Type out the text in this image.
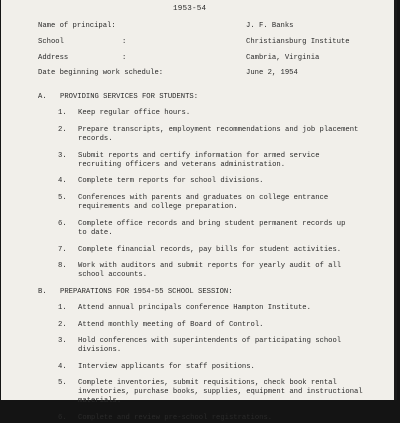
1953-54
Name of principal:	J. F. Banks
School	:	Christiansburg Institute
Address	:	Cambria, Virginia
Date beginning work schedule:	June 2, 1954
A. PROVIDING SERVICES FOR STUDENTS:
1.	Keep regular office hours.
2.	Prepare transcripts, employment recommendations and job placement
records.
3.	Submit reports and certify information for armed service
recruiting officers and veterans administration.
4.	Complete term reports for school divisions.
5.	Conferences with parents and graduates on college entrance
requirements and college preparation.
6.	Complete office records and bring student permanent records up
to date.
7.	Complete financial records, pay bills for student activities.
8.	Work with auditors and submit reports for yearly audit of all
school accounts.
B. PREPARATIONS FOR 1954-55 SCHOOL SESSION:
1.	Attend annual principals conference Hampton Institute.
2.	Attend monthly meeting of Board of Control.
3.	Hold conferences with superintendents of participating school
divisions.
4.	Interview applicants for staff positions.
5.	Complete inventories, submit requisitions, check book rental
inventories, purchase books, supplies, equipment and instructional
materials.
6.	Complete and review pre-school registrations.
